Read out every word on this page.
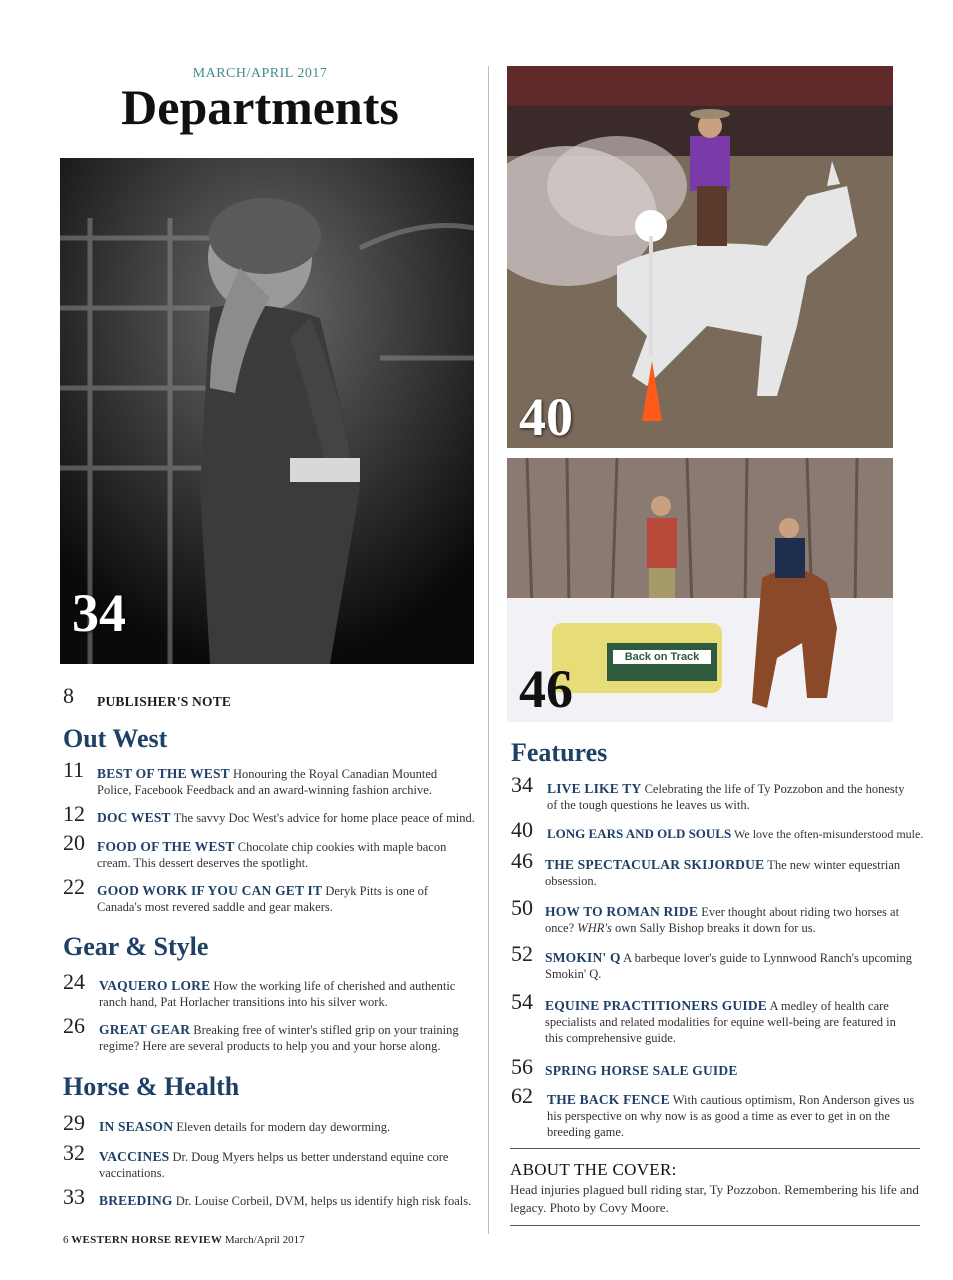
MARCH/APRIL 2017
Departments
34
40
Back on Track
46
8 PUBLISHER'S NOTE
Out West
11 BEST OF THE WEST Honouring the Royal Canadian Mounted Police, Facebook Feedback and an award-winning fashion archive.
12 DOC WEST The savvy Doc West's advice for home place peace of mind.
20 FOOD OF THE WEST Chocolate chip cookies with maple bacon cream. This dessert deserves the spotlight.
22 GOOD WORK IF YOU CAN GET IT Deryk Pitts is one of Canada's most revered saddle and gear makers.
Gear & Style
24 VAQUERO LORE How the working life of cherished and authentic ranch hand, Pat Horlacher transitions into his silver work.
26 GREAT GEAR Breaking free of winter's stifled grip on your training regime? Here are several products to help you and your horse along.
Horse & Health
29 IN SEASON Eleven details for modern day deworming.
32 VACCINES Dr. Doug Myers helps us better understand equine core vaccinations.
33 BREEDING Dr. Louise Corbeil, DVM, helps us identify high risk foals.
Features
34 LIVE LIKE TY Celebrating the life of Ty Pozzobon and the honesty of the tough questions he leaves us with.
40 LONG EARS AND OLD SOULS We love the often-misunderstood mule.
46 THE SPECTACULAR SKIJORDUE The new winter equestrian obsession.
50 HOW TO ROMAN RIDE Ever thought about riding two horses at once? WHR's own Sally Bishop breaks it down for us.
52 SMOKIN' Q A barbeque lover's guide to Lynnwood Ranch's upcoming Smokin' Q.
54 EQUINE PRACTITIONERS GUIDE A medley of health care specialists and related modalities for equine well-being are featured in this comprehensive guide.
56 SPRING HORSE SALE GUIDE
62 THE BACK FENCE With cautious optimism, Ron Anderson gives us his perspective on why now is as good a time as ever to get in on the breeding game.
ABOUT THE COVER:
Head injuries plagued bull riding star, Ty Pozzobon. Remembering his life and legacy. Photo by Covy Moore.
6 WESTERN HORSE REVIEW March/April 2017
